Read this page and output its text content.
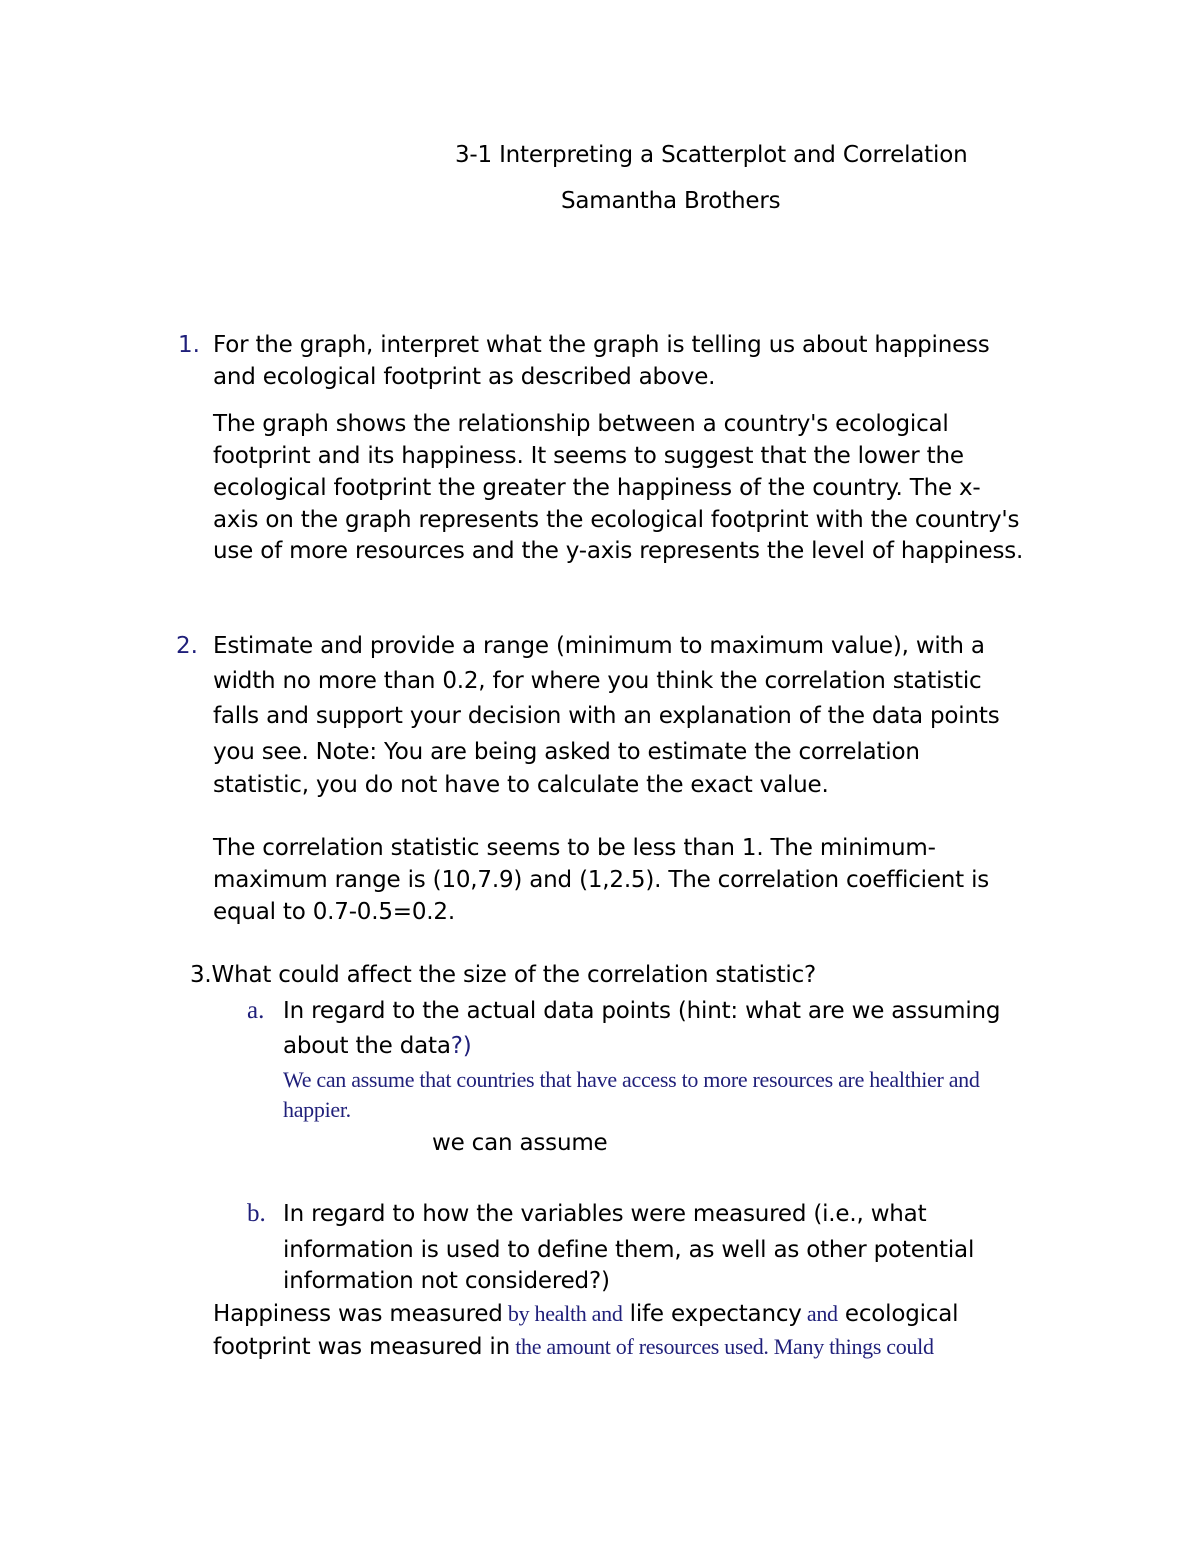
3-1 Interpreting a Scatterplot and Correlation
Samantha Brothers
1. For the graph, interpret what the graph is telling us about happiness
and ecological footprint as described above.
The graph shows the relationship between a country's ecological
footprint and its happiness. It seems to suggest that the lower the
ecological footprint the greater the happiness of the country. The x-
axis on the graph represents the ecological footprint with the country's
use of more resources and the y-axis represents the level of happiness.
2. Estimate and provide a range (minimum to maximum value), with a
width no more than 0.2, for where you think the correlation statistic
falls and support your decision with an explanation of the data points
you see. Note: You are being asked to estimate the correlation
statistic, you do not have to calculate the exact value.
The correlation statistic seems to be less than 1. The minimum-
maximum range is (10,7.9) and (1,2.5). The correlation coefficient is
equal to 0.7-0.5=0.2.
3.What could affect the size of the correlation statistic?
a. In regard to the actual data points (hint: what are we assuming
about the data?)
We can assume that countries that have access to more resources are healthier and
happier.
we can assume
b. In regard to how the variables were measured (i.e., what
information is used to define them, as well as other potential
information not considered?)
Happiness was measured by health and life expectancy and ecological
footprint was measured in the amount of resources used. Many things could
